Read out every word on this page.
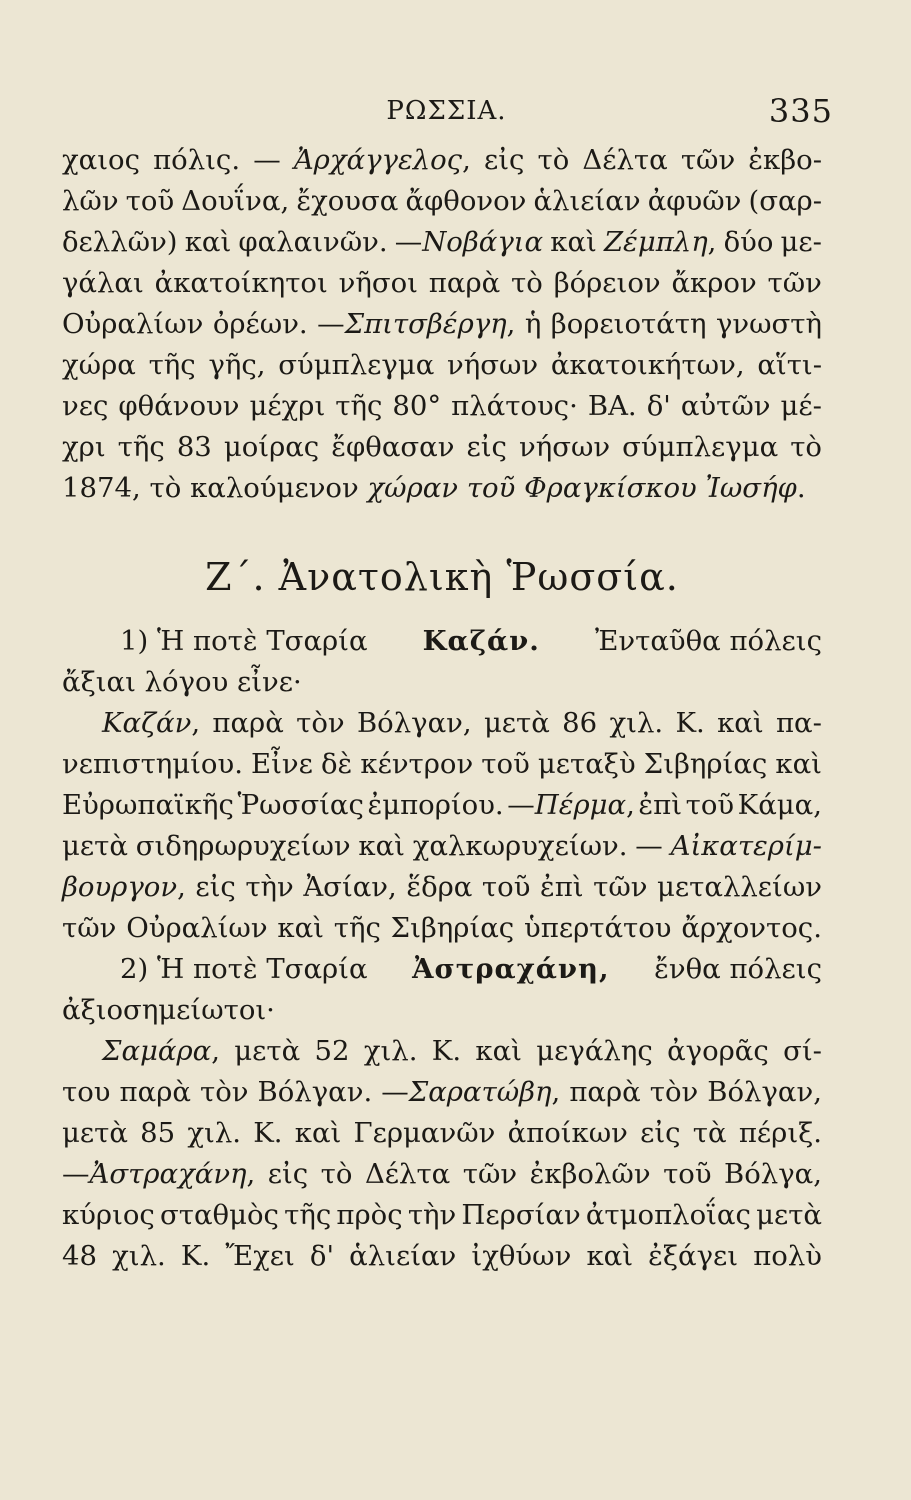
ΡΩΣΣΙΑ.	335
χαιος πόλις. — Ἀρχάγγελος, εἰς τὸ Δέλτα τῶν ἐκβο-
λῶν τοῦ Δουΐνα, ἔχουσα ἄφθονον ἁλιείαν ἀφυῶν (σαρ-
δελλῶν) καὶ φαλαινῶν. —Νοβάγια καὶ Ζέμπλη, δύο με-
γάλαι ἀκατοίκητοι νῆσοι παρὰ τὸ βόρειον ἄκρον τῶν
Οὐραλίων ὀρέων. —Σπιτσβέργη, ἡ βορειοτάτη γνωστὴ
χώρα τῆς γῆς, σύμπλεγμα νήσων ἀκατοικήτων, αἵτι-
νες φθάνουν μέχρι τῆς 80° πλάτους· ΒΑ. δ' αὐτῶν μέ-
χρι τῆς 83 μοίρας ἔφθασαν εἰς νήσων σύμπλεγμα τὸ
1874, τὸ καλούμενον χώραν τοῦ Φραγκίσκου Ἰωσήφ.
Ζ΄. Ἀνατολικὴ Ῥωσσία.
1) Ἡ ποτὲ Τσαρία Καζάν. Ἐνταῦθα πόλεις
ἄξιαι λόγου εἶνε·
Καζάν, παρὰ τὸν Βόλγαν, μετὰ 86 χιλ. Κ. καὶ πα-
νεπιστημίου. Εἶνε δὲ κέντρον τοῦ μεταξὺ Σιβηρίας καὶ
Εὐρωπαϊκῆς Ῥωσσίας ἐμπορίου. —Πέρμα, ἐπὶ τοῦ Κάμα,
μετὰ σιδηρωρυχείων καὶ χαλκωρυχείων. — Αἰκατερίμ-
βουργον, εἰς τὴν Ἀσίαν, ἕδρα τοῦ ἐπὶ τῶν μεταλλείων
τῶν Οὐραλίων καὶ τῆς Σιβηρίας ὑπερτάτου ἄρχοντος.
2) Ἡ ποτὲ Τσαρία Ἀστραχάνη, ἔνθα πόλεις
ἀξιοσημείωτοι·
Σαμάρα, μετὰ 52 χιλ. Κ. καὶ μεγάλης ἀγορᾶς σί-
του παρὰ τὸν Βόλγαν. —Σαρατώβη, παρὰ τὸν Βόλγαν,
μετὰ 85 χιλ. Κ. καὶ Γερμανῶν ἀποίκων εἰς τὰ πέριξ.
—Ἀστραχάνη, εἰς τὸ Δέλτα τῶν ἐκβολῶν τοῦ Βόλγα,
κύριος σταθμὸς τῆς πρὸς τὴν Περσίαν ἀτμοπλοΐας μετὰ
48 χιλ. Κ. Ἔχει δ' ἁλιείαν ἰχθύων καὶ ἐξάγει πολὺ
